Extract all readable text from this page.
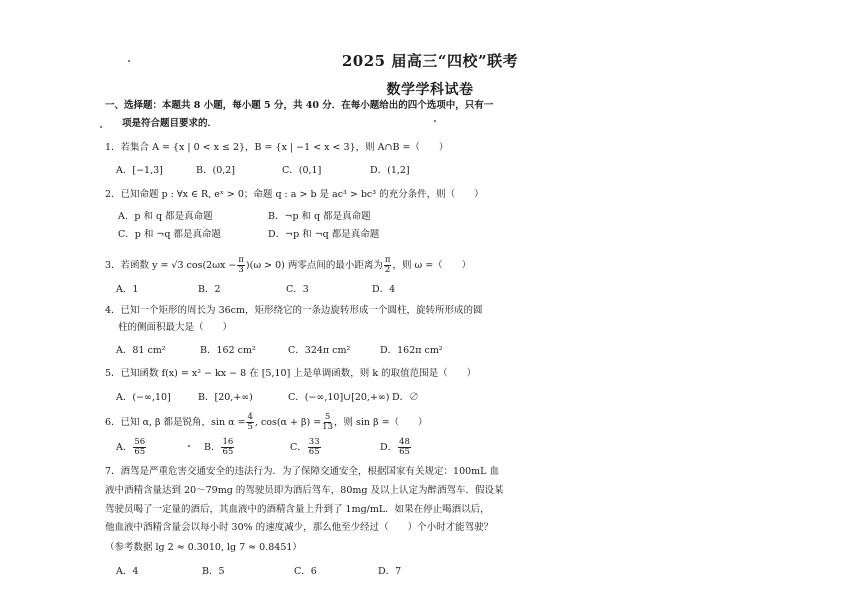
2025 届高三“四校”联考
数学学科试卷
一、选择题：本题共 8 小题，每小题 5 分，共 40 分．在每小题给出的四个选项中，只有一
项是符合题目要求的．
1．若集合 A = {x | 0 < x ≤ 2}，B = {x | −1 < x < 3}，则 A∩B =（　　）
A．[−1,3]	B．(0,2]	C．(0,1]	D．(1,2]
2．已知命题 p : ∀x ∈ R, eˣ > 0；命题 q : a > b 是 ac³ > bc³ 的充分条件，则（　　）
A．p 和 q 都是真命题	B．¬p 和 q 都是真命题
C．p 和 ¬q 都是真命题	D．¬p 和 ¬q 都是真命题
3．若函数 y = √3 $\cos(2\omega x - \frac{\pi}{3} )(\omega > 0)$ 两零点间的最小距离为 $\frac{\pi}{2}$ ，则 ω =（　　）
A．1	B．2	C．3	D．4
4．已知一个矩形的周长为 36cm，矩形绕它的一条边旋转形成一个圆柱，旋转所形成的圆
柱的侧面积最大是（　　）
A．81 cm²	B．162 cm²	C．324π cm²	D．162π cm²
5．已知函数 f(x) = x² − kx − 8 在 [5,10] 上是单调函数，则 k 的取值范围是（　　）
A．(−∞,10]	B．[20,+∞)	C．(−∞,10]∪[20,+∞) D．∅
6．已知 α, β 都是锐角，$\sin \alpha = \frac{4}{5}$ , $\cos(\alpha + \beta) = \frac{5}{13}$ ，则 sin β =（　　）
A． $\frac{56}{65}$	B． $\frac{16}{65}$	C． $\frac{33}{65}$	D． $\frac{48}{65}$
7．酒驾是严重危害交通安全的违法行为．为了保障交通安全，根据国家有关规定：100mL 血
液中酒精含量达到 20～79mg 的驾驶员即为酒后驾车，80mg 及以上认定为醉酒驾车．假设某
驾驶员喝了一定量的酒后，其血液中的酒精含量上升到了 1mg/mL．如果在停止喝酒以后，
他血液中酒精含量会以每小时 30% 的速度减少，那么他至少经过（　　）个小时才能驾驶？
（参考数据 lg 2 ≈ 0.3010, lg 7 ≈ 0.8451）
A．4	B．5	C．6	D．7
